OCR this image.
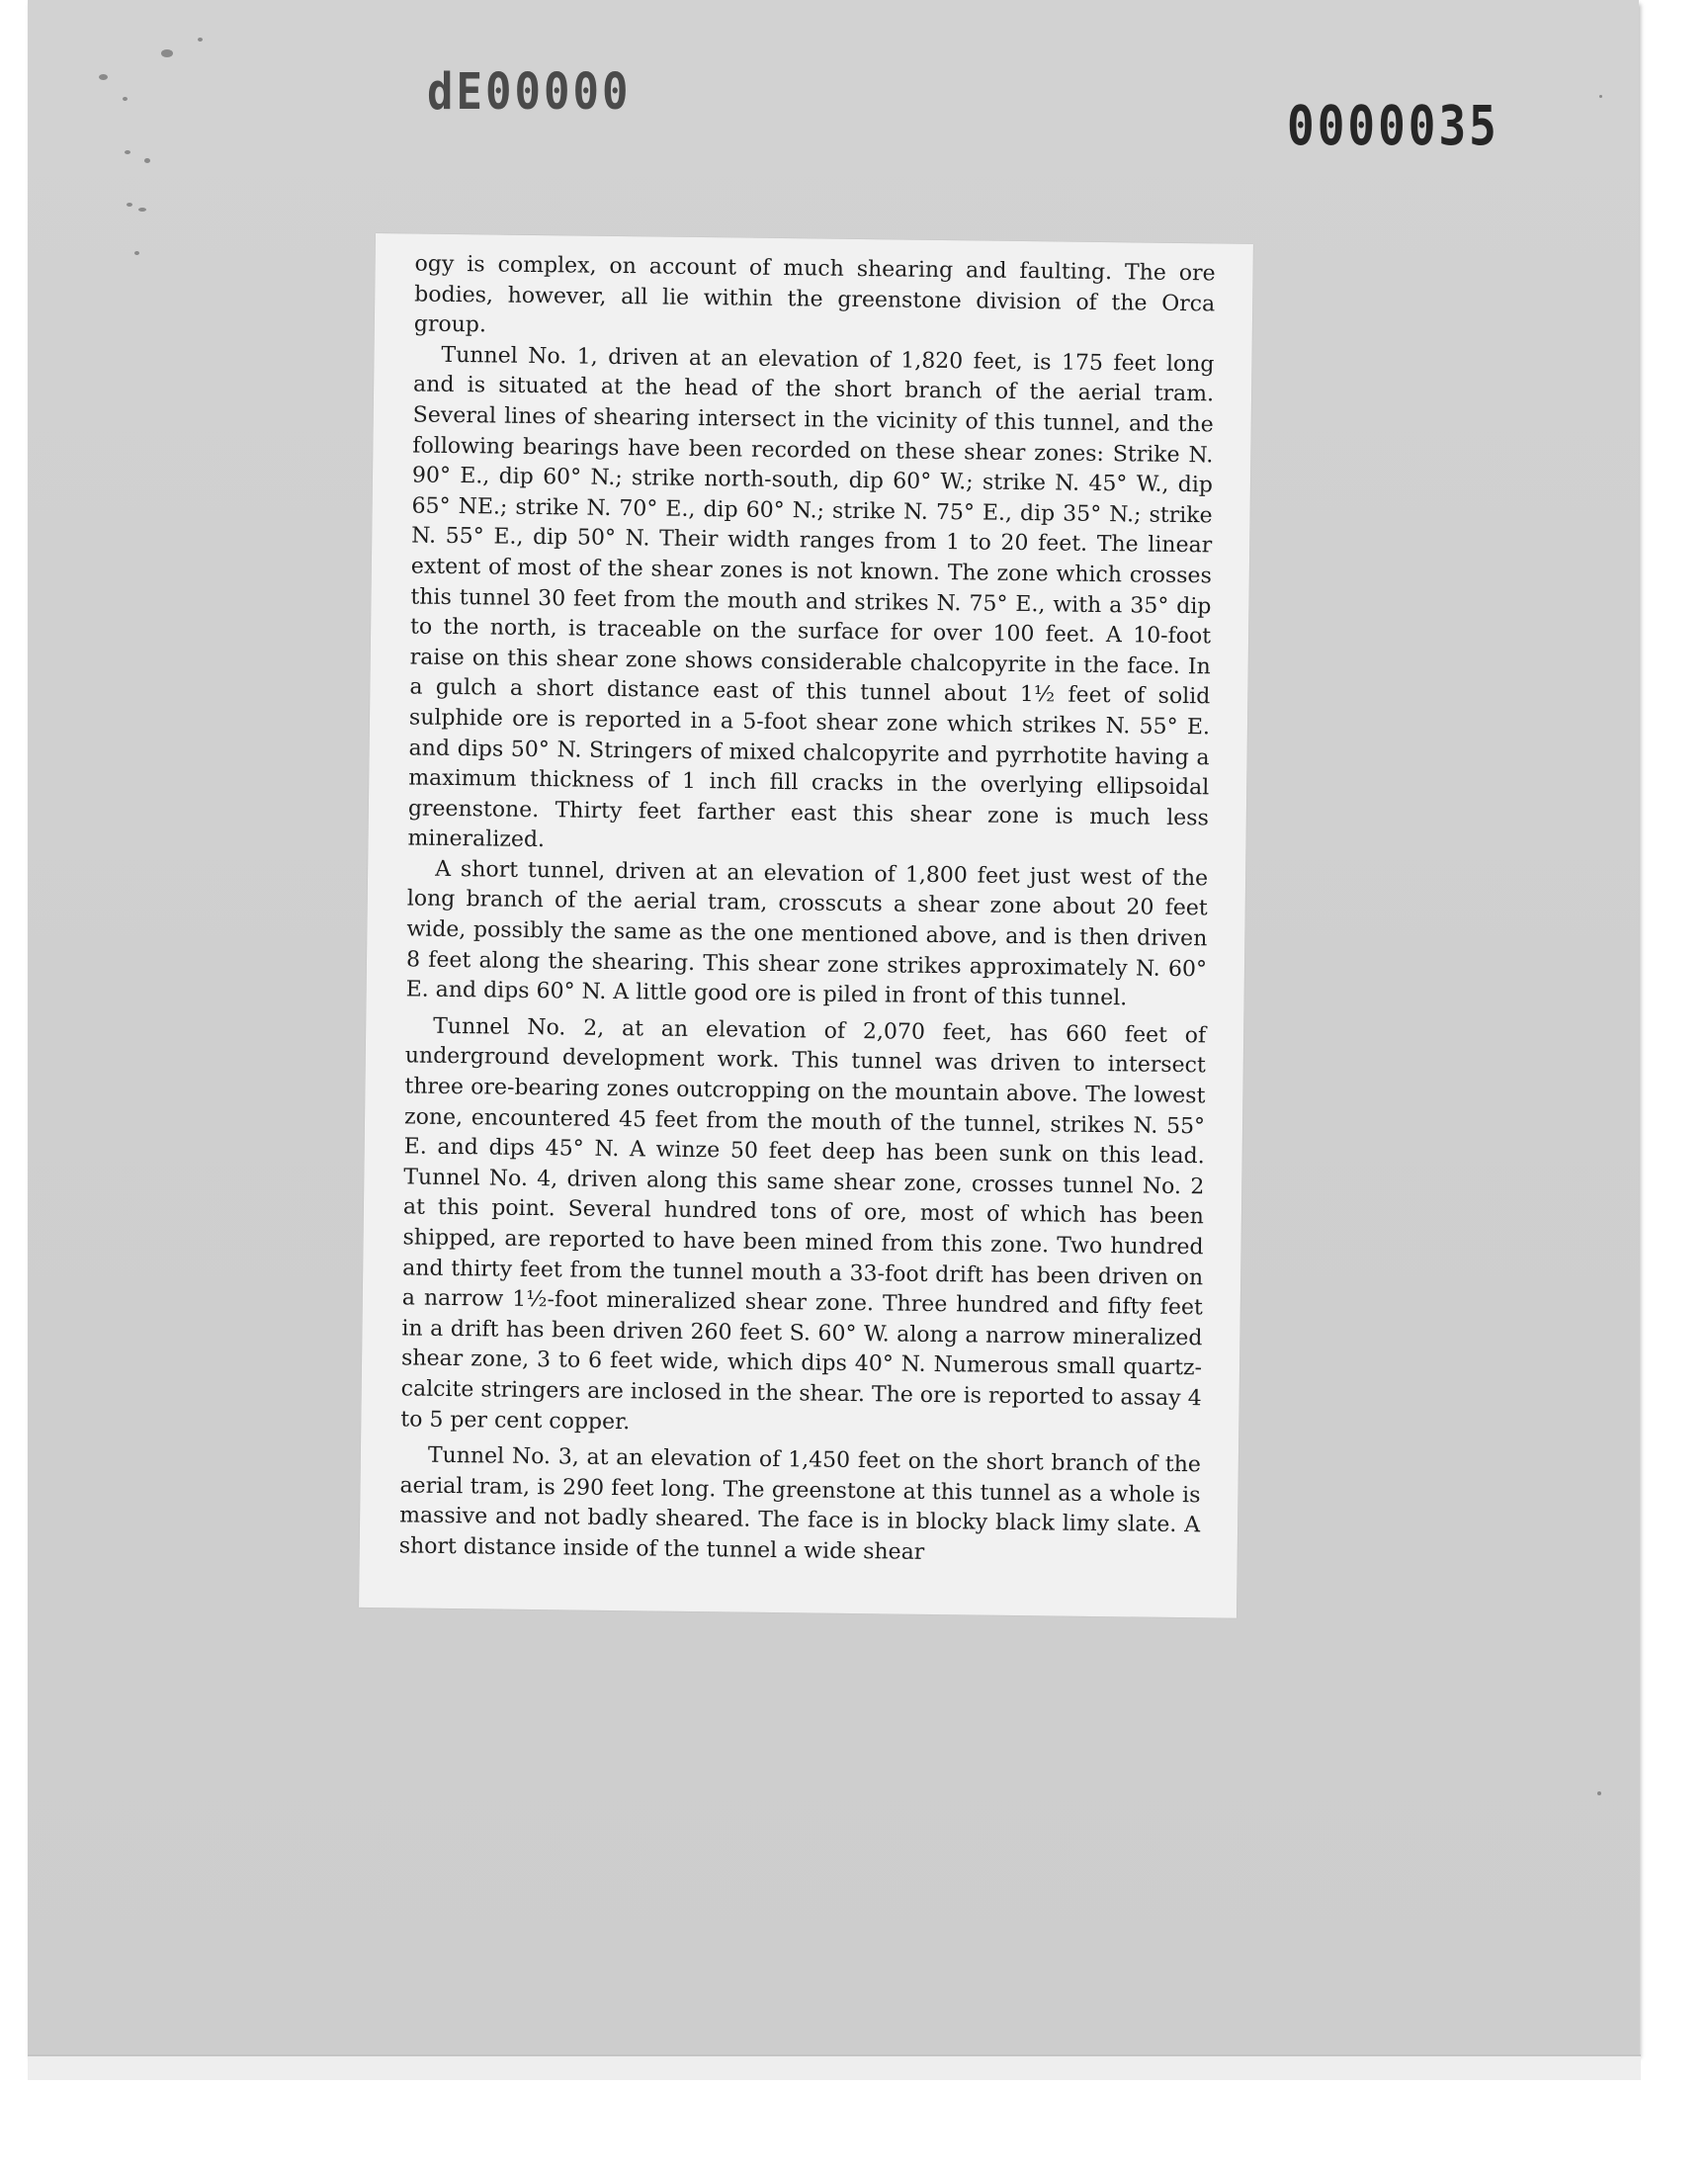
dE00000
0000035

ogy is complex, on account of much shearing and faulting. The ore bodies, however, all lie within the greenstone division of the Orca group.

Tunnel No. 1, driven at an elevation of 1,820 feet, is 175 feet long and is situated at the head of the short branch of the aerial tram. Several lines of shearing intersect in the vicinity of this tunnel, and the following bearings have been recorded on these shear zones: Strike N. 90° E., dip 60° N.; strike north-south, dip 60° W.; strike N. 45° W., dip 65° NE.; strike N. 70° E., dip 60° N.; strike N. 75° E., dip 35° N.; strike N. 55° E., dip 50° N. Their width ranges from 1 to 20 feet. The linear extent of most of the shear zones is not known. The zone which crosses this tunnel 30 feet from the mouth and strikes N. 75° E., with a 35° dip to the north, is traceable on the surface for over 100 feet. A 10-foot raise on this shear zone shows considerable chalcopyrite in the face. In a gulch a short distance east of this tunnel about 1½ feet of solid sulphide ore is reported in a 5-foot shear zone which strikes N. 55° E. and dips 50° N. Stringers of mixed chalcopyrite and pyrrhotite having a maximum thickness of 1 inch fill cracks in the overlying ellipsoidal greenstone. Thirty feet farther east this shear zone is much less mineralized.

A short tunnel, driven at an elevation of 1,800 feet just west of the long branch of the aerial tram, crosscuts a shear zone about 20 feet wide, possibly the same as the one mentioned above, and is then driven 8 feet along the shearing. This shear zone strikes approximately N. 60° E. and dips 60° N. A little good ore is piled in front of this tunnel.

Tunnel No. 2, at an elevation of 2,070 feet, has 660 feet of underground development work. This tunnel was driven to intersect three ore-bearing zones outcropping on the mountain above. The lowest zone, encountered 45 feet from the mouth of the tunnel, strikes N. 55° E. and dips 45° N. A winze 50 feet deep has been sunk on this lead. Tunnel No. 4, driven along this same shear zone, crosses tunnel No. 2 at this point. Several hundred tons of ore, most of which has been shipped, are reported to have been mined from this zone. Two hundred and thirty feet from the tunnel mouth a 33-foot drift has been driven on a narrow 1½-foot mineralized shear zone. Three hundred and fifty feet in a drift has been driven 260 feet S. 60° W. along a narrow mineralized shear zone, 3 to 6 feet wide, which dips 40° N. Numerous small quartz-calcite stringers are inclosed in the shear. The ore is reported to assay 4 to 5 per cent copper.

Tunnel No. 3, at an elevation of 1,450 feet on the short branch of the aerial tram, is 290 feet long. The greenstone at this tunnel as a whole is massive and not badly sheared. The face is in blocky black limy slate. A short distance inside of the tunnel a wide shear
